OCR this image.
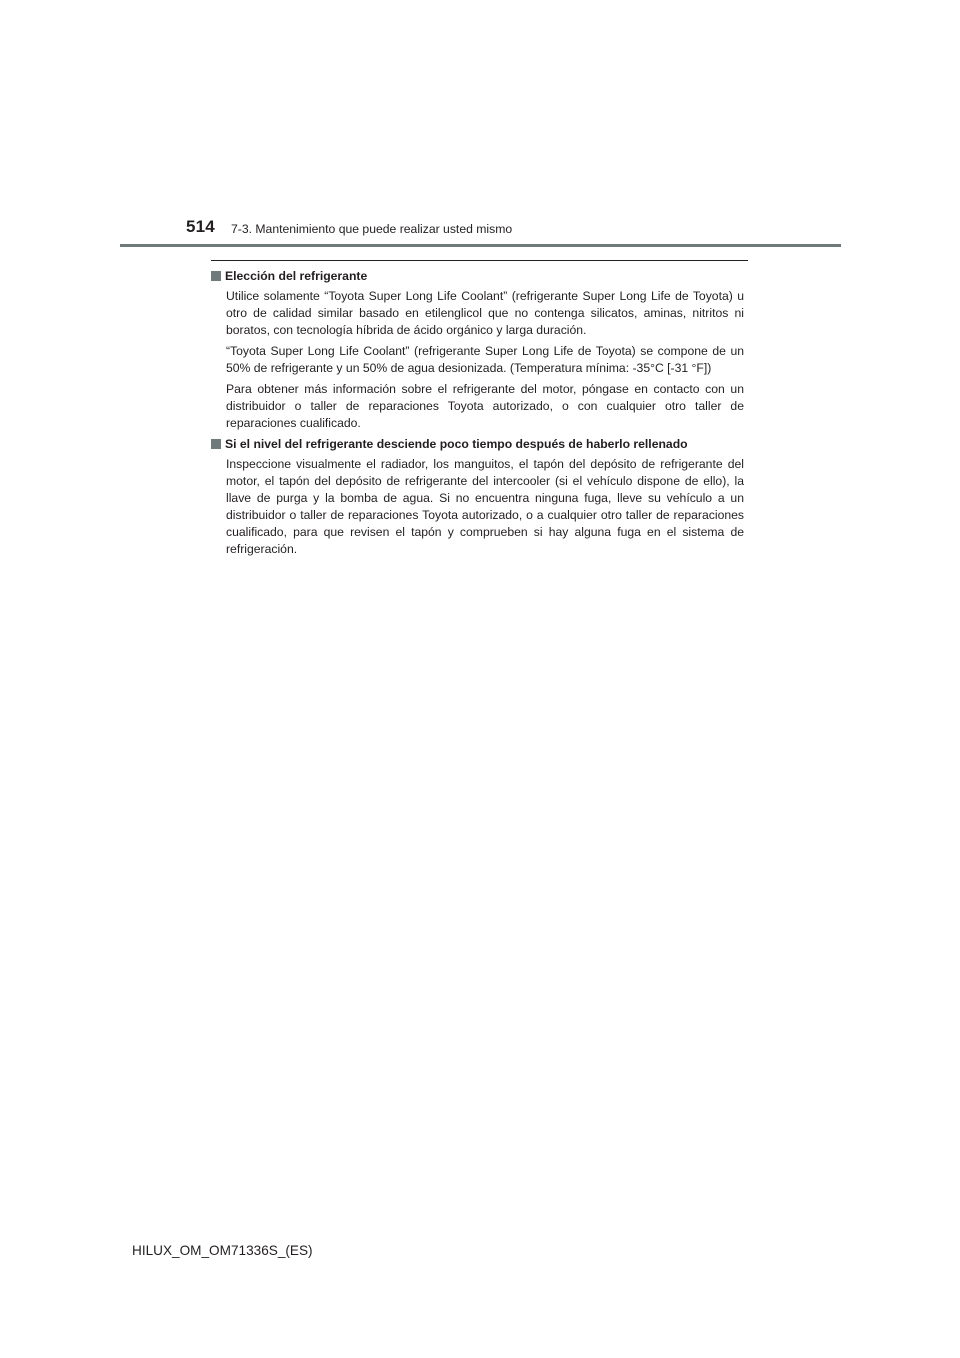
514 7-3. Mantenimiento que puede realizar usted mismo
Elección del refrigerante

Utilice solamente “Toyota Super Long Life Coolant” (refrigerante Super Long Life de Toyota) u otro de calidad similar basado en etilenglicol que no contenga silicatos, aminas, nitritos ni boratos, con tecnología híbrida de ácido orgánico y larga duración.

“Toyota Super Long Life Coolant” (refrigerante Super Long Life de Toyota) se compone de un 50% de refrigerante y un 50% de agua desionizada. (Temperatura mínima: -35°C [-31 °F])

Para obtener más información sobre el refrigerante del motor, póngase en contacto con un distribuidor o taller de reparaciones Toyota autorizado, o con cualquier otro taller de reparaciones cualificado.

Si el nivel del refrigerante desciende poco tiempo después de haberlo rellenado

Inspeccione visualmente el radiador, los manguitos, el tapón del depósito de refrigerante del motor, el tapón del depósito de refrigerante del intercooler (si el vehículo dispone de ello), la llave de purga y la bomba de agua. Si no encuentra ninguna fuga, lleve su vehículo a un distribuidor o taller de reparaciones Toyota autorizado, o a cualquier otro taller de reparaciones cualificado, para que revisen el tapón y comprueben si hay alguna fuga en el sistema de refrigeración.

HILUX_OM_OM71336S_(ES)
